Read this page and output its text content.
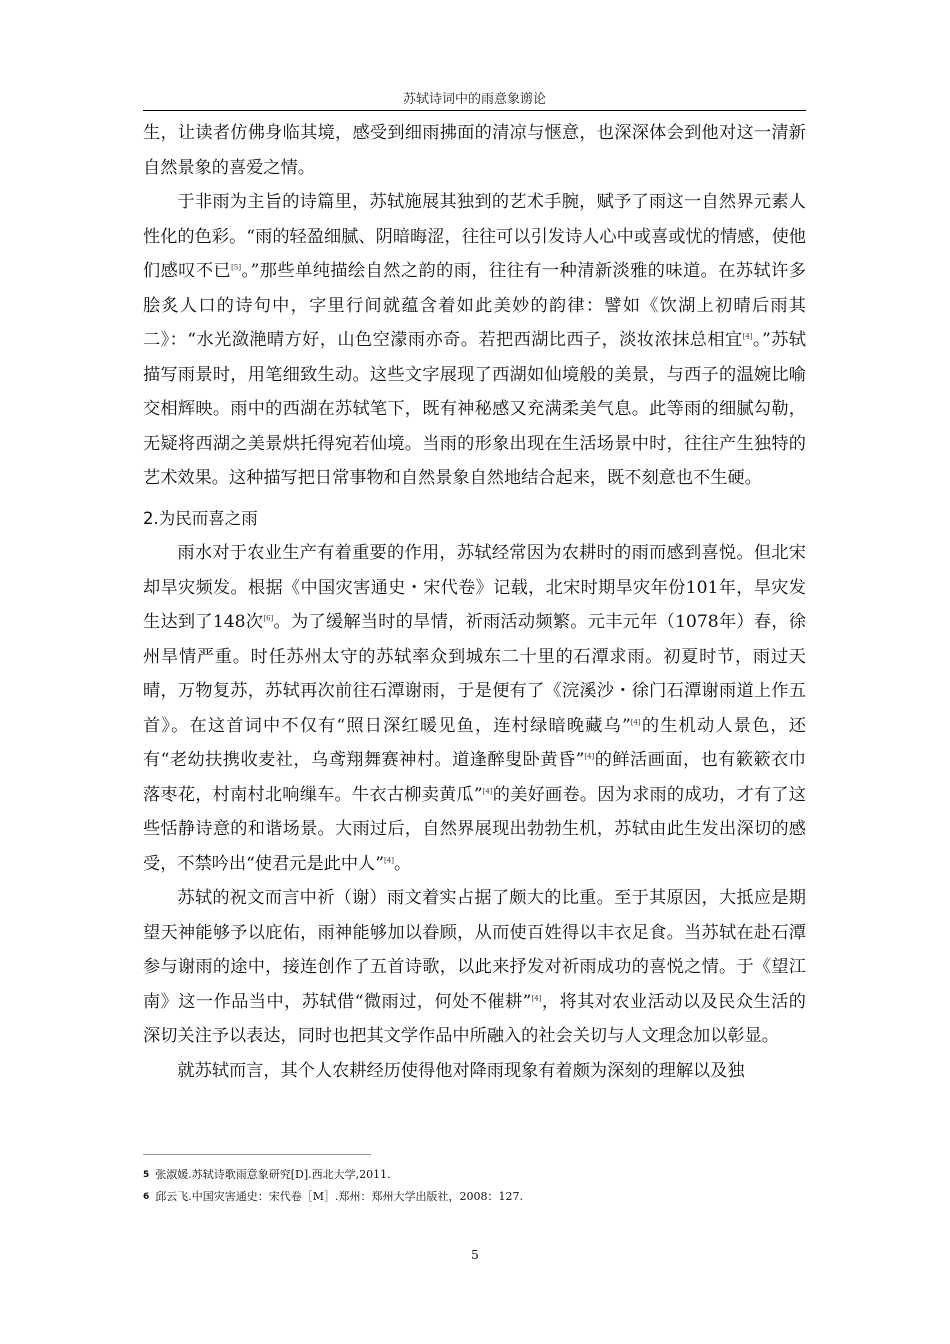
苏轼诗词中的雨意象谫论

生，让读者仿佛身临其境，感受到细雨拂面的清凉与惬意，也深深体会到他对这一清新自然景象的喜爱之情。

于非雨为主旨的诗篇里，苏轼施展其独到的艺术手腕，赋予了雨这一自然界元素人性化的色彩。“雨的轻盈细腻、阴暗晦涩，往往可以引发诗人心中或喜或忧的情感，使他们感叹不已[5]。”那些单纯描绘自然之韵的雨，往往有一种清新淡雅的味道。在苏轼许多脍炙人口的诗句中，字里行间就蕴含着如此美妙的韵律：譬如《饮湖上初晴后雨其二》：“水光潋滟晴方好，山色空濛雨亦奇。若把西湖比西子，淡妆浓抹总相宜[4]。”苏轼描写雨景时，用笔细致生动。这些文字展现了西湖如仙境般的美景，与西子的温婉比喻交相辉映。雨中的西湖在苏轼笔下，既有神秘感又充满柔美气息。此等雨的细腻勾勒，无疑将西湖之美景烘托得宛若仙境。当雨的形象出现在生活场景中时，往往产生独特的艺术效果。这种描写把日常事物和自然景象自然地结合起来，既不刻意也不生硬。

2.为民而喜之雨

雨水对于农业生产有着重要的作用，苏轼经常因为农耕时的雨而感到喜悦。但北宋却旱灾频发。根据《中国灾害通史・宋代卷》记载，北宋时期旱灾年份101年，旱灾发生达到了148次[6]。为了缓解当时的旱情，祈雨活动频繁。元丰元年（1078年）春，徐州旱情严重。时任苏州太守的苏轼率众到城东二十里的石潭求雨。初夏时节，雨过天晴，万物复苏，苏轼再次前往石潭谢雨，于是便有了《浣溪沙・徐门石潭谢雨道上作五首》。在这首词中不仅有“照日深红暖见鱼，连村绿暗晚藏乌”[4]的生机动人景色，还有“老幼扶携收麦社，乌鸢翔舞赛神村。道逢醉叟卧黄昏”[4]的鲜活画面，也有簌簌衣巾落枣花，村南村北响缫车。牛衣古柳卖黄瓜”[4]的美好画卷。因为求雨的成功，才有了这些恬静诗意的和谐场景。大雨过后，自然界展现出勃勃生机，苏轼由此生发出深切的感受，不禁吟出“使君元是此中人”[4]。

苏轼的祝文而言中祈（谢）雨文着实占据了颇大的比重。至于其原因，大抵应是期望天神能够予以庇佑，雨神能够加以眷顾，从而使百姓得以丰衣足食。当苏轼在赴石潭参与谢雨的途中，接连创作了五首诗歌，以此来抒发对祈雨成功的喜悦之情。于《望江南》这一作品当中，苏轼借“微雨过，何处不催耕”[4]，将其对农业活动以及民众生活的深切关注予以表达，同时也把其文学作品中所融入的社会关切与人文理念加以彰显。

就苏轼而言，其个人农耕经历使得他对降雨现象有着颇为深刻的理解以及独

5 张淑媛.苏轼诗歌雨意象研究[D].西北大学,2011.

6 邱云飞.中国灾害通史：宋代卷［M］.郑州：郑州大学出版社，2008：127.

5
